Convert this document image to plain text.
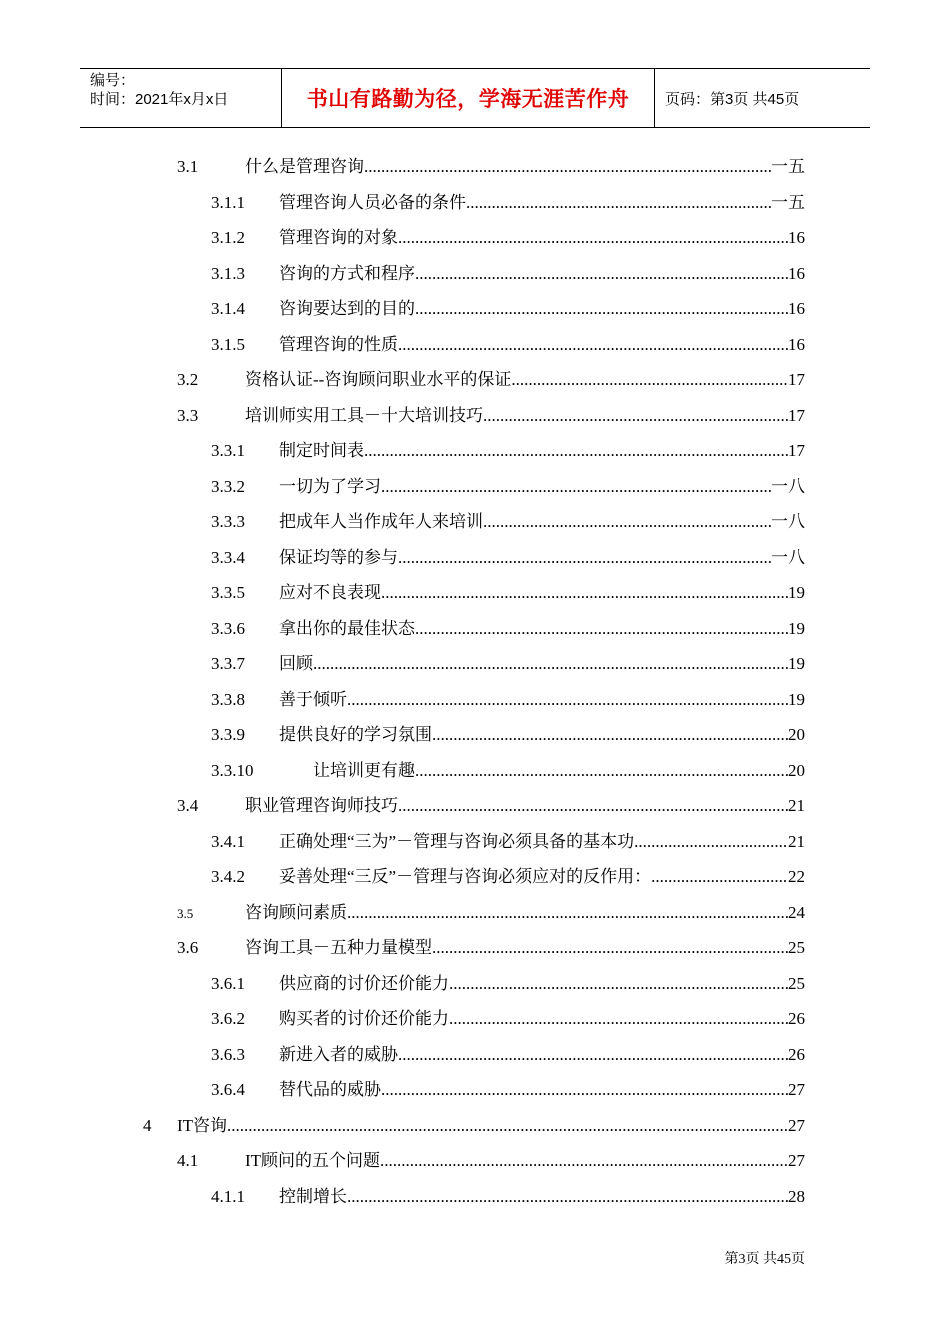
编号：
时间：2021年x月x日	书山有路勤为径，学海无涯苦作舟	页码：第3页 共45页
3.1	什么是管理咨询 .....	一五
3.1.1	管理咨询人员必备的条件 .....	一五
3.1.2	管理咨询的对象 .....	16
3.1.3	咨询的方式和程序 .....	16
3.1.4	咨询要达到的目的 .....	16
3.1.5	管理咨询的性质 .....	16
3.2	资格认证--咨询顾问职业水平的保证 .....	17
3.3	培训师实用工具－十大培训技巧 .....	17
3.3.1	制定时间表 .....	17
3.3.2	一切为了学习 .....	一八
3.3.3	把成年人当作成年人来培训 .....	一八
3.3.4	保证均等的参与 .....	一八
3.3.5	应对不良表现 .....	19
3.3.6	拿出你的最佳状态 .....	19
3.3.7	回顾 .....	19
3.3.8	善于倾听 .....	19
3.3.9	提供良好的学习氛围 .....	20
3.3.10	让培训更有趣 .....	20
3.4	职业管理咨询师技巧 .....	21
3.4.1	正确处理“三为”－管理与咨询必须具备的基本功 .....	21
3.4.2	妥善处理“三反”－管理与咨询必须应对的反作用： .....	22
3.5	咨询顾问素质 .....	24
3.6	咨询工具－五种力量模型 .....	25
3.6.1	供应商的讨价还价能力 .....	25
3.6.2	购买者的讨价还价能力 .....	26
3.6.3	新进入者的威胁 .....	26
3.6.4	替代品的威胁 .....	27
4	IT咨询 .....	27
4.1	IT顾问的五个问题 .....	27
4.1.1	控制增长 .....	28
第3页 共45页
